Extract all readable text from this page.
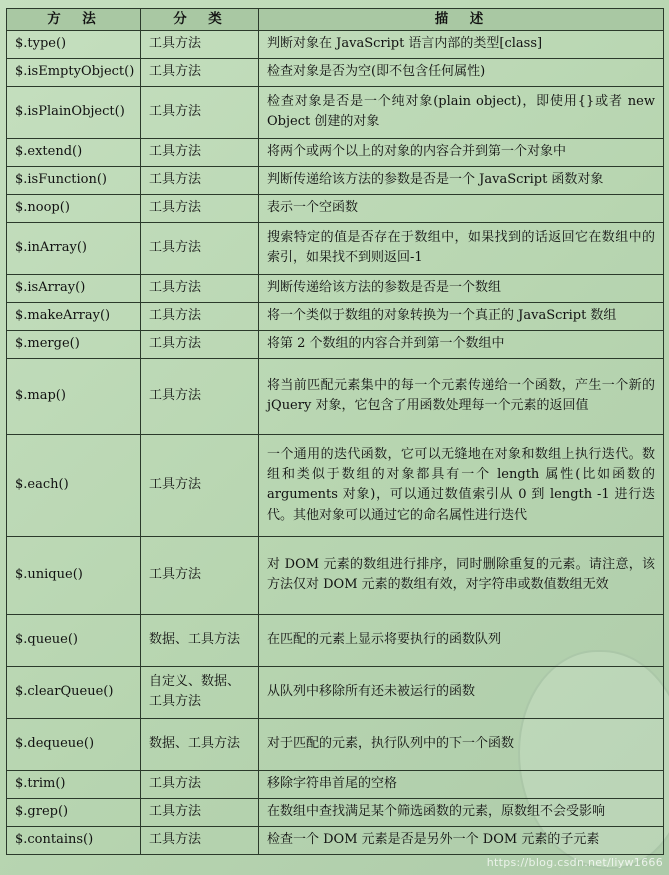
方　法	分　类	描　述
$.type()	工具方法	判断对象在 JavaScript 语言内部的类型[class]
$.isEmptyObject()	工具方法	检查对象是否为空(即不包含任何属性)
$.isPlainObject()	工具方法	检查对象是否是一个纯对象(plain object)，即使用{}或者 new Object 创建的对象
$.extend()	工具方法	将两个或两个以上的对象的内容合并到第一个对象中
$.isFunction()	工具方法	判断传递给该方法的参数是否是一个 JavaScript 函数对象
$.noop()	工具方法	表示一个空函数
$.inArray()	工具方法	搜索特定的值是否存在于数组中，如果找到的话返回它在数组中的索引，如果找不到则返回-1
$.isArray()	工具方法	判断传递给该方法的参数是否是一个数组
$.makeArray()	工具方法	将一个类似于数组的对象转换为一个真正的 JavaScript 数组
$.merge()	工具方法	将第 2 个数组的内容合并到第一个数组中
$.map()	工具方法	将当前匹配元素集中的每一个元素传递给一个函数，产生一个新的 jQuery 对象，它包含了用函数处理每一个元素的返回值
$.each()	工具方法	一个通用的迭代函数，它可以无缝地在对象和数组上执行迭代。数组和类似于数组的对象都具有一个 length 属性(比如函数的 arguments 对象)，可以通过数值索引从 0 到 length -1 进行迭代。其他对象可以通过它的命名属性进行迭代
$.unique()	工具方法	对 DOM 元素的数组进行排序，同时删除重复的元素。请注意，该方法仅对 DOM 元素的数组有效，对字符串或数值数组无效
$.queue()	数据、工具方法	在匹配的元素上显示将要执行的函数队列
$.clearQueue()	自定义、数据、工具方法	从队列中移除所有还未被运行的函数
$.dequeue()	数据、工具方法	对于匹配的元素，执行队列中的下一个函数
$.trim()	工具方法	移除字符串首尾的空格
$.grep()	工具方法	在数组中查找满足某个筛选函数的元素，原数组不会受影响
$.contains()	工具方法	检查一个 DOM 元素是否是另外一个 DOM 元素的子元素
https://blog.csdn.net/liyw1666
